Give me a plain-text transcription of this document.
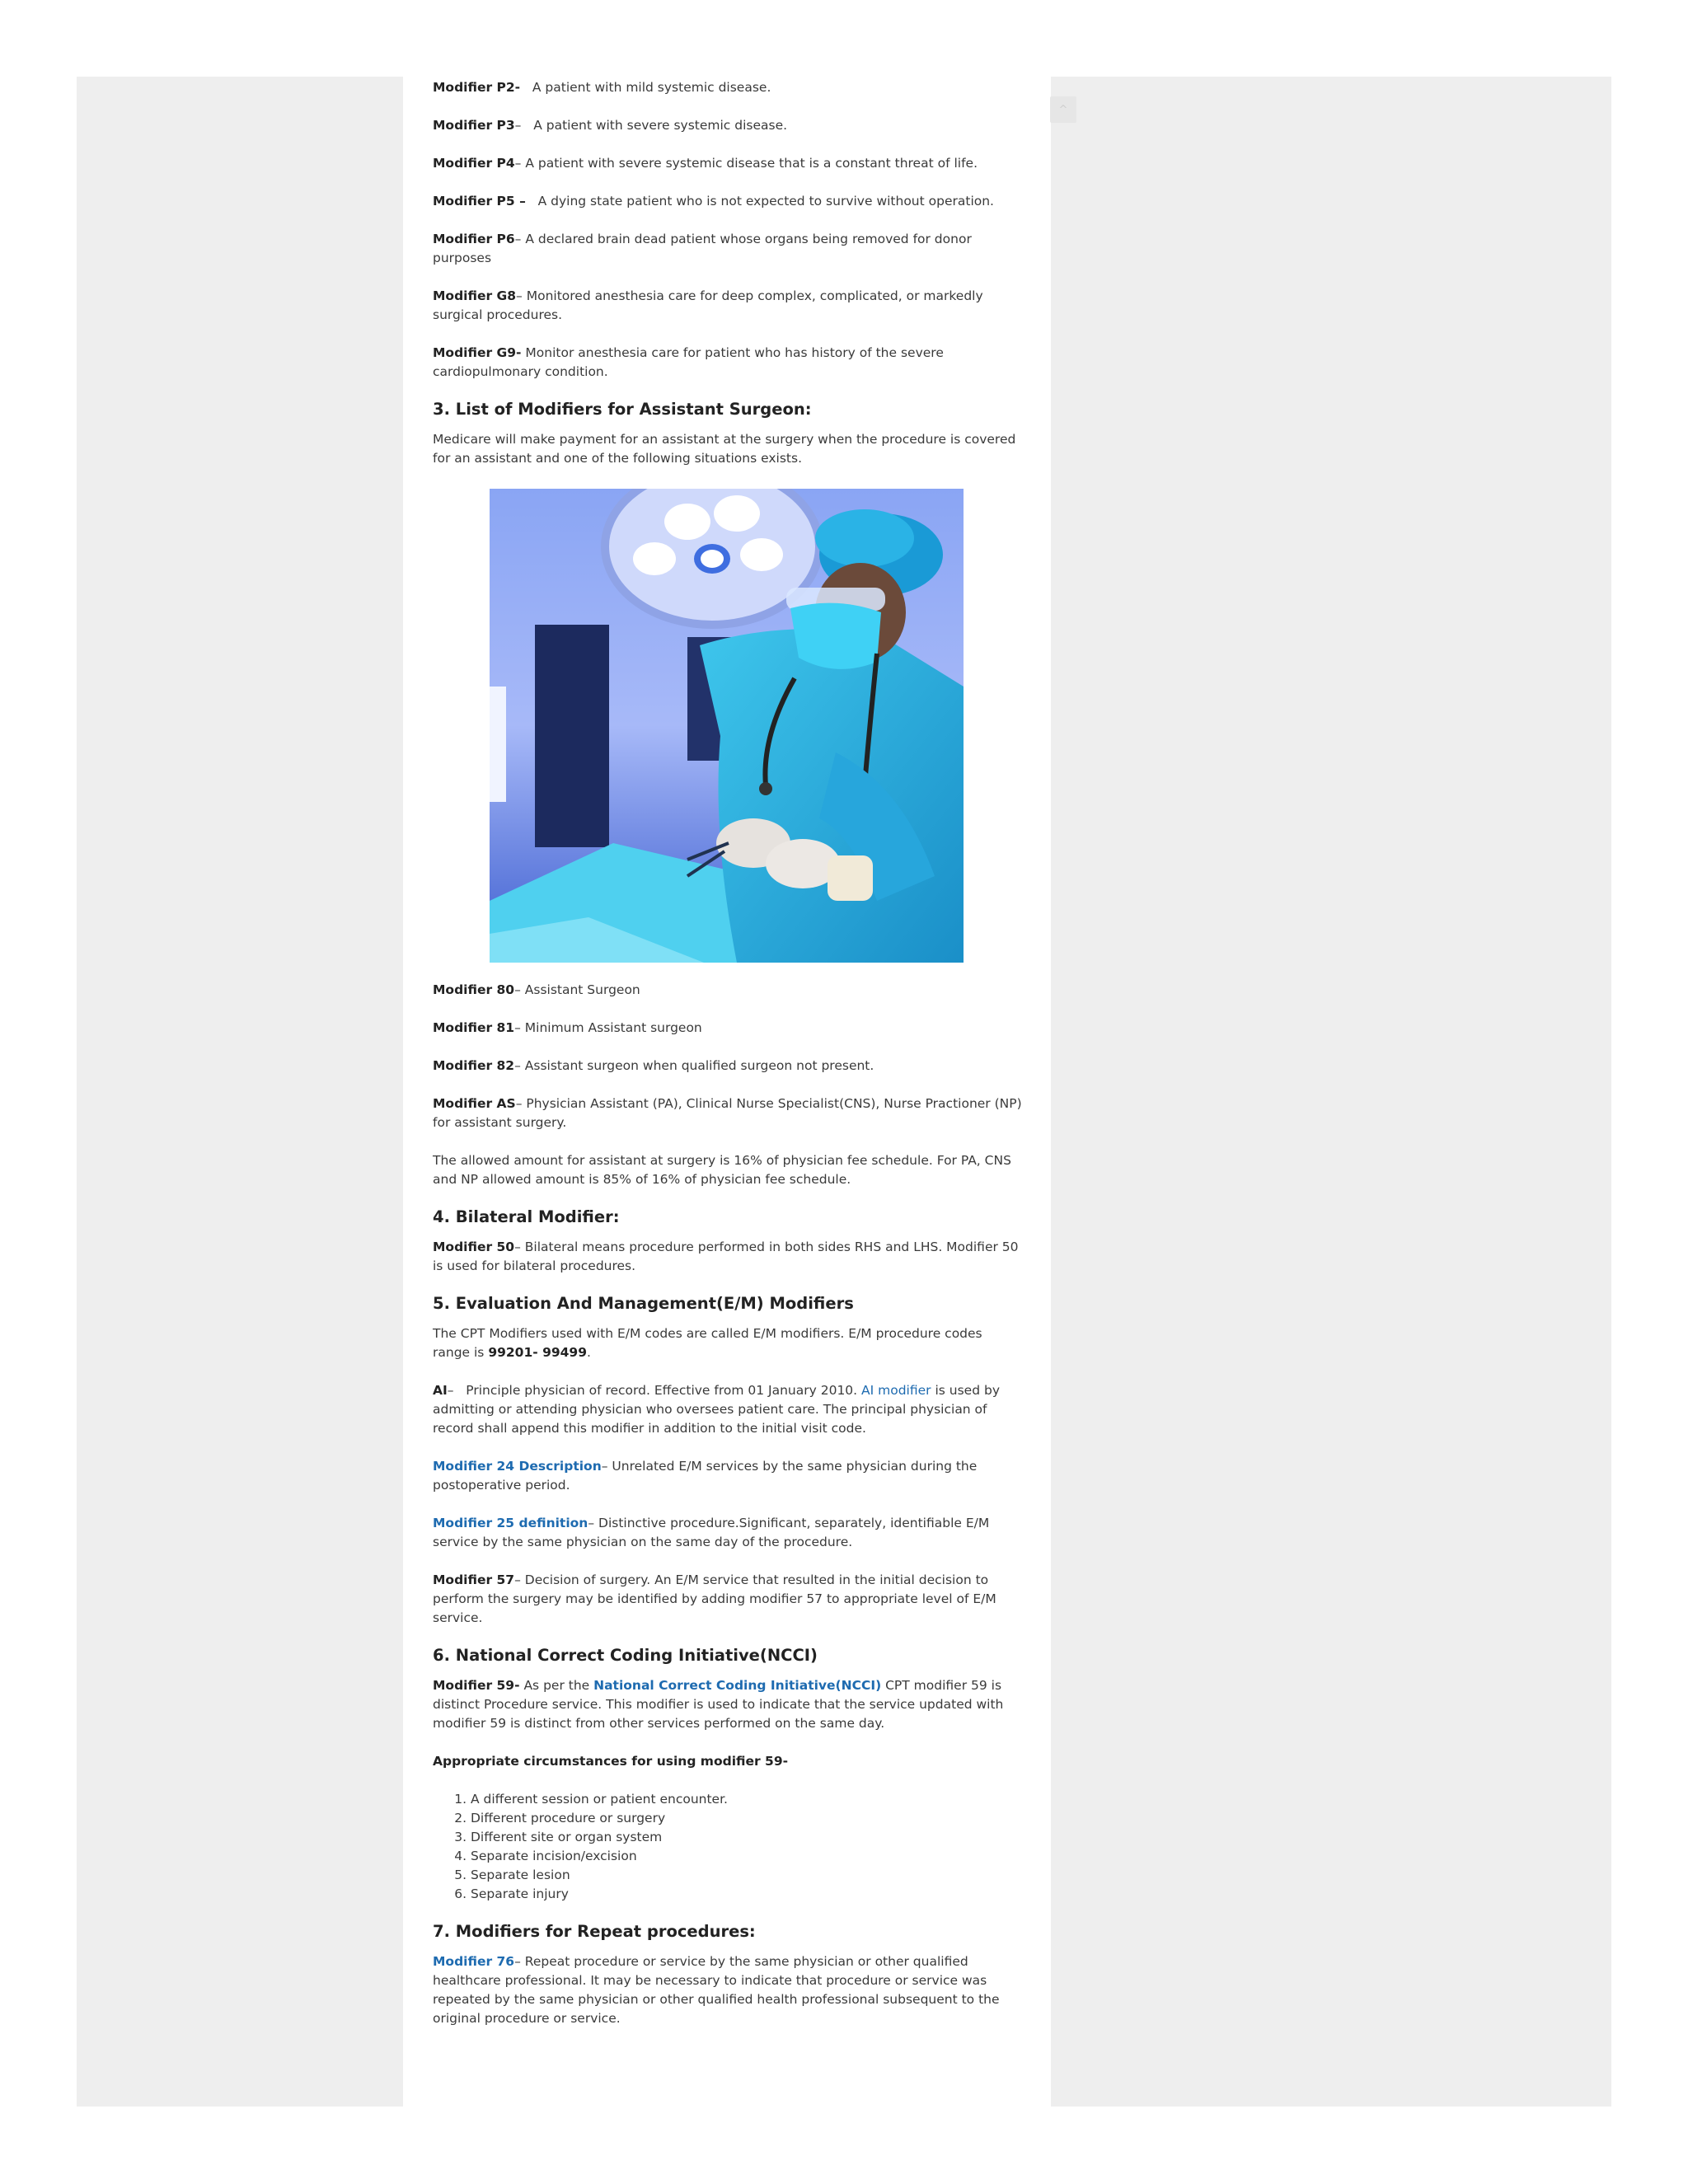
^

Modifier P2-   A patient with mild systemic disease.

Modifier P3–   A patient with severe systemic disease.

Modifier P4– A patient with severe systemic disease that is a constant threat of life.

Modifier P5 –   A dying state patient who is not expected to survive without operation.

Modifier P6– A declared brain dead patient whose organs being removed for donor purposes

Modifier G8– Monitored anesthesia care for deep complex, complicated, or markedly surgical procedures.

Modifier G9- Monitor anesthesia care for patient who has history of the severe cardiopulmonary condition.

3. List of Modifiers for Assistant Surgeon:

Medicare will make payment for an assistant at the surgery when the procedure is covered for an assistant and one of the following situations exists.

Modifier 80– Assistant Surgeon

Modifier 81– Minimum Assistant surgeon

Modifier 82– Assistant surgeon when qualified surgeon not present.

Modifier AS– Physician Assistant (PA), Clinical Nurse Specialist(CNS), Nurse Practioner (NP) for assistant surgery.

The allowed amount for assistant at surgery is 16% of physician fee schedule. For PA, CNS and NP allowed amount is 85% of 16% of physician fee schedule.

4. Bilateral Modifier:

Modifier 50– Bilateral means procedure performed in both sides RHS and LHS. Modifier 50 is used for bilateral procedures.

5. Evaluation And Management(E/M) Modifiers

The CPT Modifiers used with E/M codes are called E/M modifiers. E/M procedure codes range is 99201- 99499.

AI–   Principle physician of record. Effective from 01 January 2010. AI modifier is used by admitting or attending physician who oversees patient care. The principal physician of record shall append this modifier in addition to the initial visit code.

Modifier 24 Description– Unrelated E/M services by the same physician during the postoperative period.

Modifier 25 definition– Distinctive procedure.Significant, separately, identifiable E/M service by the same physician on the same day of the procedure.

Modifier 57– Decision of surgery. An E/M service that resulted in the initial decision to perform the surgery may be identified by adding modifier 57 to appropriate level of E/M service.

6. National Correct Coding Initiative(NCCI)

Modifier 59- As per the National Correct Coding Initiative(NCCI) CPT modifier 59 is distinct Procedure service. This modifier is used to indicate that the service updated with modifier 59 is distinct from other services performed on the same day.

Appropriate circumstances for using modifier 59-

1. A different session or patient encounter.
2. Different procedure or surgery
3. Different site or organ system
4. Separate incision/excision
5. Separate lesion
6. Separate injury
7. Modifiers for Repeat procedures:

Modifier 76– Repeat procedure or service by the same physician or other qualified healthcare professional. It may be necessary to indicate that procedure or service was repeated by the same physician or other qualified health professional subsequent to the original procedure or service.
